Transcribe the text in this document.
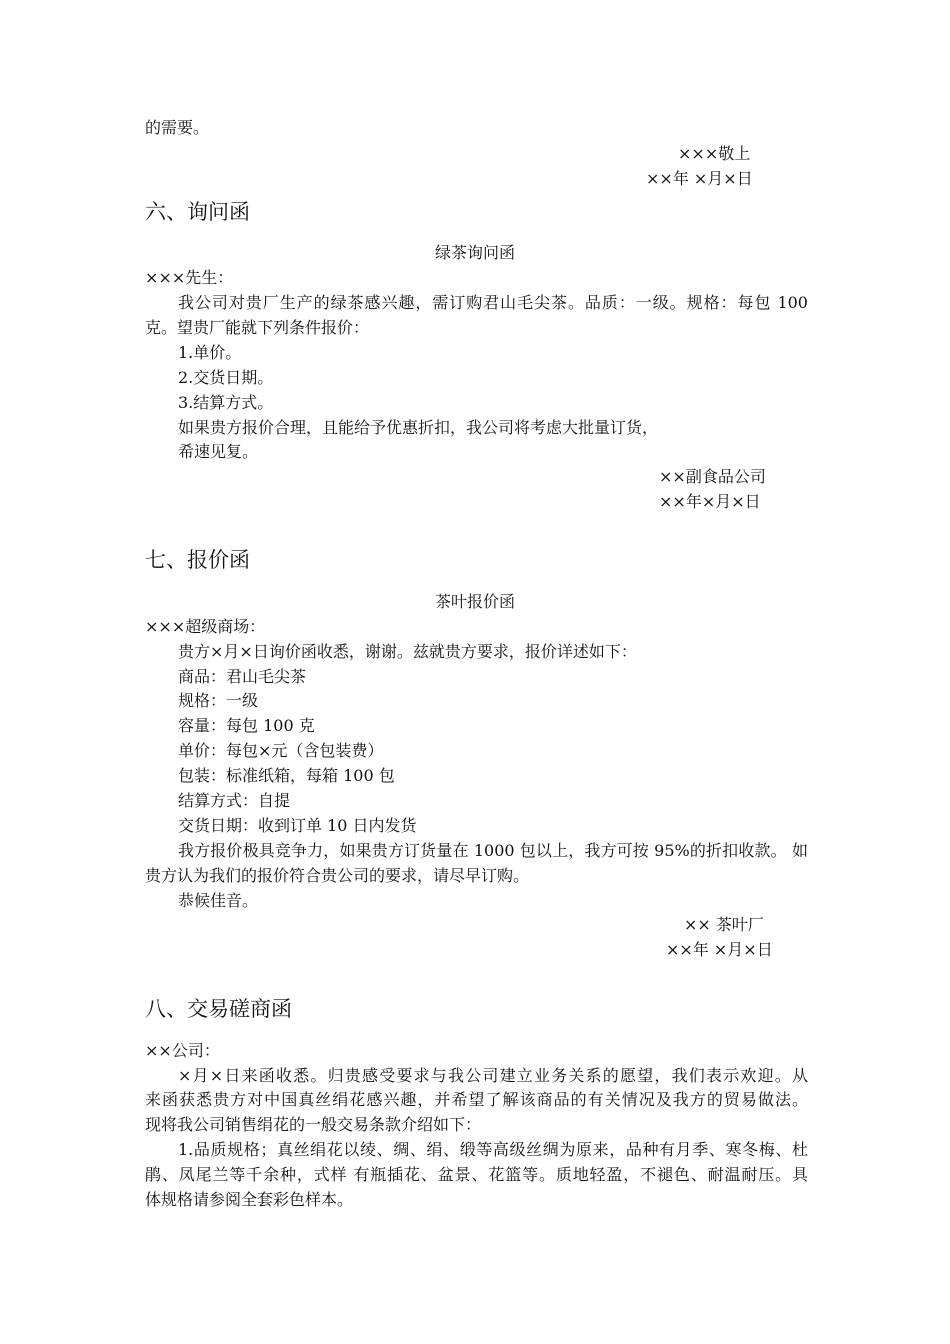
的需要。
×××敬上
××年 ×月×日
六、询问函
绿茶询问函
×××先生：
我公司对贵厂生产的绿茶感兴趣，需订购君山毛尖茶。品质：一级。规格：每包 100
克。望贵厂能就下列条件报价：
1.单价。
2.交货日期。
3.结算方式。
如果贵方报价合理，且能给予优惠折扣，我公司将考虑大批量订货，
希速见复。
××副食品公司
××年×月×日
七、报价函
茶叶报价函
×××超级商场：
贵方×月×日询价函收悉，谢谢。兹就贵方要求，报价详述如下：
商品：君山毛尖茶
规格：一级
容量：每包 100 克
单价：每包×元（含包装费）
包装：标准纸箱，每箱 100 包
结算方式：自提
交货日期：收到订单 10 日内发货
我方报价极具竞争力，如果贵方订货量在 1000 包以上，我方可按 95%的折扣收款。 如
贵方认为我们的报价符合贵公司的要求，请尽早订购。
恭候佳音。
×× 茶叶厂
××年 ×月×日
八、交易磋商函
××公司：
×月×日来函收悉。归贵感受要求与我公司建立业务关系的愿望，我们表示欢迎。从
来函获悉贵方对中国真丝绢花感兴趣，并希望了解该商品的有关情况及我方的贸易做法。
现将我公司销售绢花的一般交易条款介绍如下：
1.品质规格；真丝绢花以绫、绸、绢、缎等高级丝绸为原来，品种有月季、寒冬梅、杜
鹃、凤尾兰等千余种，式样 有瓶插花、盆景、花篮等。质地轻盈，不褪色、耐温耐压。具
体规格请参阅全套彩色样本。
